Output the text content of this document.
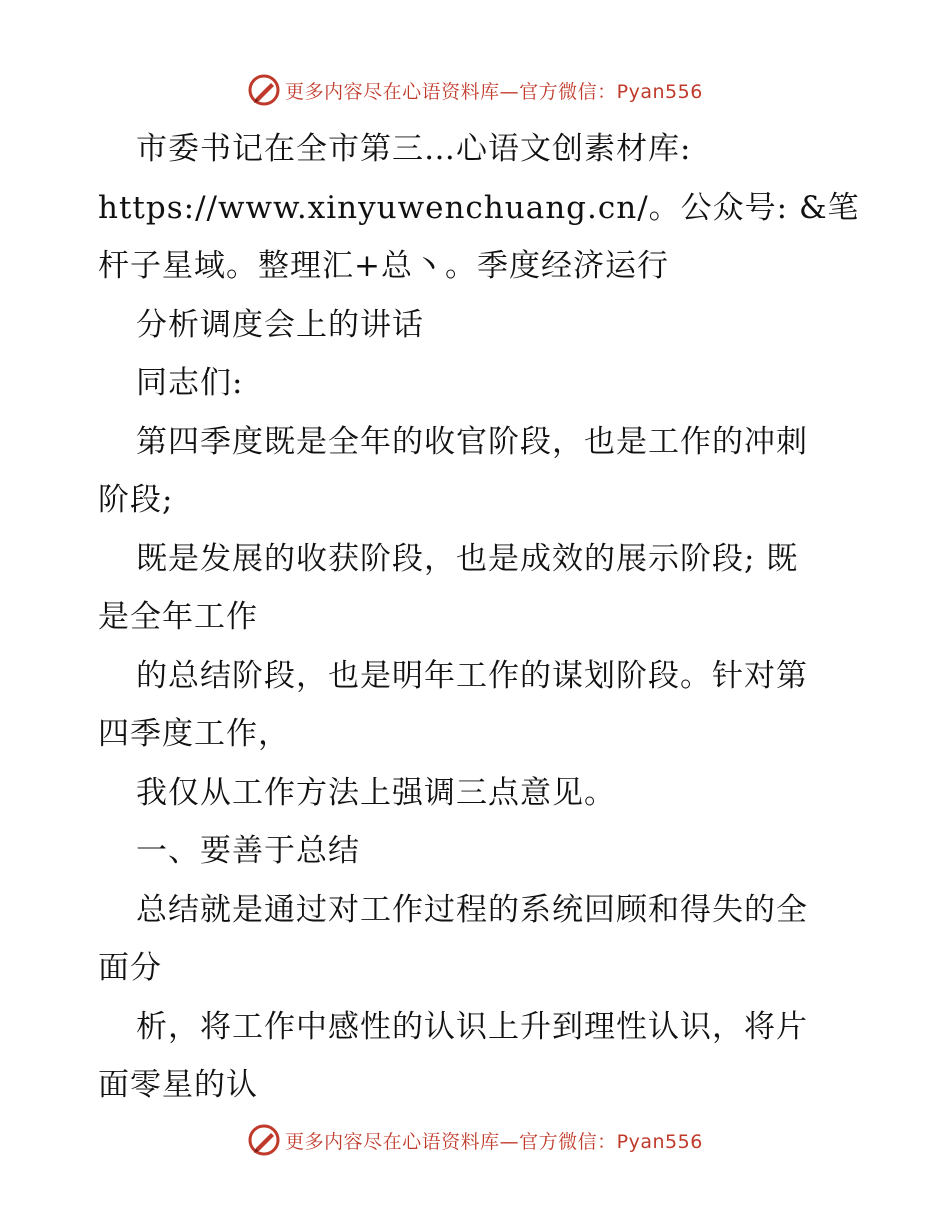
更多内容尽在心语资料库—官方微信：Pyan556
市委书记在全市第三…心语文创素材库:
https://www.xinyuwenchuang.cn/。公众号: &笔
杆子星域。整理汇+总丶。季度经济运行
分析调度会上的讲话
同志们:
第四季度既是全年的收官阶段，也是工作的冲刺
阶段;
既是发展的收获阶段，也是成效的展示阶段; 既
是全年工作
的总结阶段，也是明年工作的谋划阶段。针对第
四季度工作，
我仅从工作方法上强调三点意见。
一、要善于总结
总结就是通过对工作过程的系统回顾和得失的全
面分
析，将工作中感性的认识上升到理性认识，将片
面零星的认
更多内容尽在心语资料库—官方微信：Pyan556
